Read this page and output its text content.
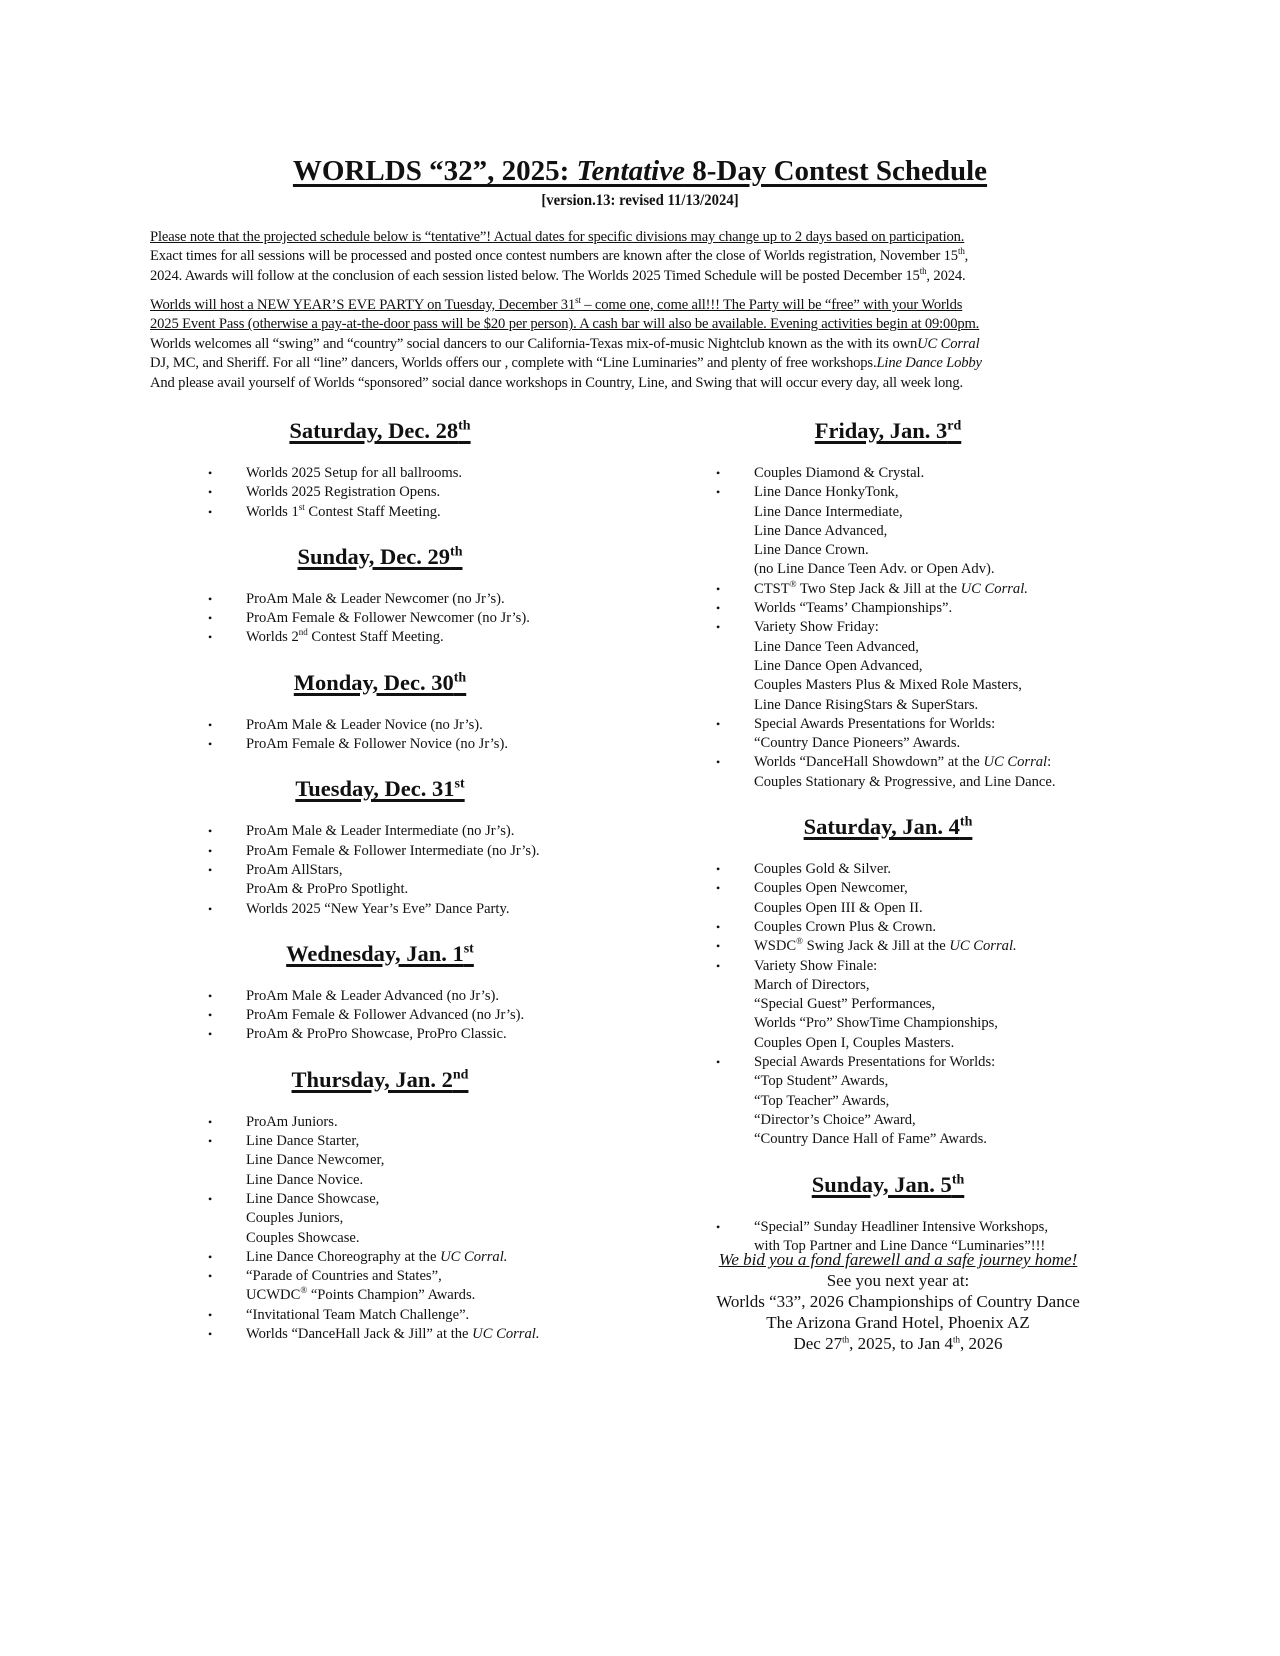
WORLDS “32”, 2025: Tentative 8-Day Contest Schedule
[version.13: revised 11/13/2024]
Please note that the projected schedule below is “tentative”! Actual dates for specific divisions may change up to 2 days based on participation.
Exact times for all sessions will be processed and posted once contest numbers are known after the close of Worlds registration, November 15th,
2024. Awards will follow at the conclusion of each session listed below. The Worlds 2025 Timed Schedule will be posted December 15th, 2024.
Worlds will host a NEW YEAR’S EVE PARTY on Tuesday, December 31st – come one, come all!!! The Party will be “free” with your Worlds
2025 Event Pass (otherwise a pay-at-the-door pass will be $20 per person). A cash bar will also be available. Evening activities begin at 09:00pm.
Worlds welcomes all “swing” and “country” social dancers to our California-Texas mix-of-music Nightclub known as the with its ownUC Corral
DJ, MC, and Sheriff. For all “line” dancers, Worlds offers our , complete with “Line Luminaries” and plenty of free workshops.Line Dance Lobby
And please avail yourself of Worlds “sponsored” social dance workshops in Country, Line, and Swing that will occur every day, all week long.
Saturday, Dec. 28th
• Worlds 2025 Setup for all ballrooms.
• Worlds 2025 Registration Opens.
• Worlds 1st Contest Staff Meeting.
Sunday, Dec. 29th
• ProAm Male & Leader Newcomer (no Jr’s).
• ProAm Female & Follower Newcomer (no Jr’s).
• Worlds 2nd Contest Staff Meeting.
Monday, Dec. 30th
• ProAm Male & Leader Novice (no Jr’s).
• ProAm Female & Follower Novice (no Jr’s).
Tuesday, Dec. 31st
• ProAm Male & Leader Intermediate (no Jr’s).
• ProAm Female & Follower Intermediate (no Jr’s).
• ProAm AllStars,
ProAm & ProPro Spotlight.
• Worlds 2025 “New Year’s Eve” Dance Party.
Wednesday, Jan. 1st
• ProAm Male & Leader Advanced (no Jr’s).
• ProAm Female & Follower Advanced (no Jr’s).
• ProAm & ProPro Showcase, ProPro Classic.
Thursday, Jan. 2nd
• ProAm Juniors.
• Line Dance Starter,
Line Dance Newcomer,
Line Dance Novice.
• Line Dance Showcase,
Couples Juniors,
Couples Showcase.
• Line Dance Choreography at the UC Corral.
• “Parade of Countries and States”,
UCWDC® “Points Champion” Awards.
• “Invitational Team Match Challenge”.
• Worlds “DanceHall Jack & Jill” at the UC Corral.
Friday, Jan. 3rd
• Couples Diamond & Crystal.
• Line Dance HonkyTonk,
Line Dance Intermediate,
Line Dance Advanced,
Line Dance Crown.
(no Line Dance Teen Adv. or Open Adv).
• CTST® Two Step Jack & Jill at the UC Corral.
• Worlds “Teams’ Championships”.
• Variety Show Friday:
Line Dance Teen Advanced,
Line Dance Open Advanced,
Couples Masters Plus & Mixed Role Masters,
Line Dance RisingStars & SuperStars.
• Special Awards Presentations for Worlds:
“Country Dance Pioneers” Awards.
• Worlds “DanceHall Showdown” at the UC Corral:
Couples Stationary & Progressive, and Line Dance.
Saturday, Jan. 4th
• Couples Gold & Silver.
• Couples Open Newcomer,
Couples Open III & Open II.
• Couples Crown Plus & Crown.
• WSDC® Swing Jack & Jill at the UC Corral.
• Variety Show Finale:
March of Directors,
“Special Guest” Performances,
Worlds “Pro” ShowTime Championships,
Couples Open I, Couples Masters.
• Special Awards Presentations for Worlds:
“Top Student” Awards,
“Top Teacher” Awards,
“Director’s Choice” Award,
“Country Dance Hall of Fame” Awards.
Sunday, Jan. 5th
• “Special” Sunday Headliner Intensive Workshops,
with Top Partner and Line Dance “Luminaries”!!!
We bid you a fond farewell and a safe journey home!
See you next year at:
Worlds “33”, 2026 Championships of Country Dance
The Arizona Grand Hotel, Phoenix AZ
Dec 27th, 2025, to Jan 4th, 2026
